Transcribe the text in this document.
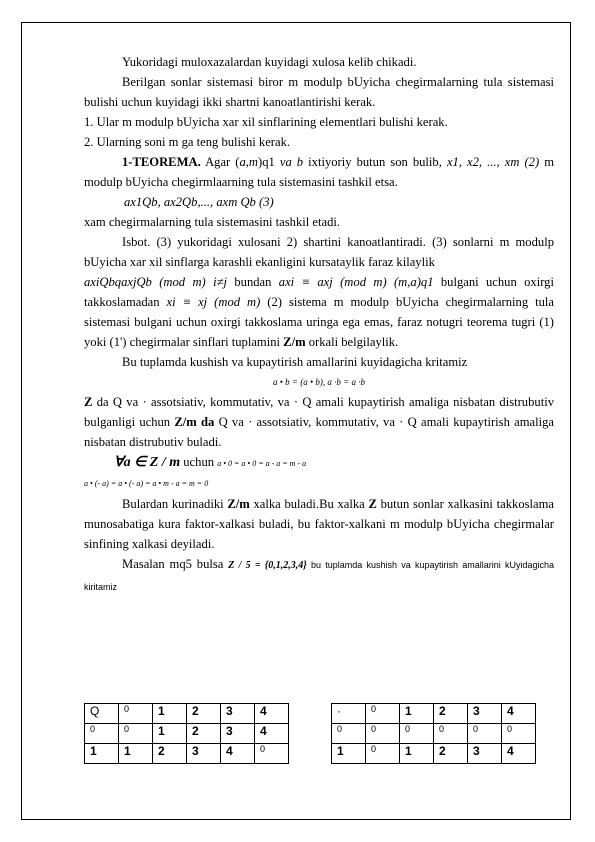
Yukoridagi muloxazalardan kuyidagi xulosa kelib chikadi.

Berilgan sonlar sistemasi biror m modulp bUyicha chegirmalarning tula sistemasi bulishi uchun kuyidagi ikki shartni kanoatlantirishi kerak.

1. Ular m modulp bUyicha xar xil sinflarining elementlari bulishi kerak.

2. Ularning soni m ga teng bulishi kerak.

1-TEOREMA. Agar (a,m)q1 va b ixtiyoriy butun son bulib, x1, x2, ..., xm (2) m modulp bUyicha chegirmlaarning tula sistemasini tashkil etsa.

ax1Qb, ax2Qb,..., axm Qb (3)

xam chegirmalarning tula sistemasini tashkil etadi.

Isbot. (3) yukoridagi xulosani 2) shartini kanoatlantiradi. (3) sonlarni m modulp bUyicha xar xil sinflarga karashli ekanligini kursataylik faraz kilaylik

axiQbqaxjQb (mod m) i≠j bundan axi ≡ axj (mod m) (m,a)q1 bulgani uchun oxirgi takkoslamadan xi ≡ xj (mod m) (2) sistema m modulp bUyicha chegirmalarning tula sistemasi bulgani uchun oxirgi takkoslama uringa ega emas, faraz notugri teorema tugri (1) yoki (1') chegirmalar sinflari tuplamini Z/m orkali belgilaylik.

Bu tuplamda kushish va kupaytirish amallarini kuyidagicha kritamiz

a • b = (a • b), a ·b = a ·b

Z da Q va · assotsiativ, kommutativ, va · Q amali kupaytirish amaliga nisbatan distrubutiv bulganligi uchun Z/m da Q va · assotsiativ, kommutativ, va · Q amali kupaytirish amaliga nisbatan distrubutiv buladi.

∀a ∈ Z / m uchun a • 0 = a • 0 = a - a = m - a

a • (- a) = a • (- a) = a • m - a = m = 0

Bulardan kurinadiki Z/m xalka buladi.Bu xalka Z butun sonlar xalkasini takkoslama munosabatiga kura faktor-xalkasi buladi, bu faktor-xalkani m modulp bUyicha chegirmalar sinfining xalkasi deyiladi.

Masalan mq5 bulsa Z / 5 = {0,1,2,3,4} bu tuplamda kushish va kupaytirish amallarini kUyidagicha kiritamiz

Q	0	1	2	3	4
0	0	1	2	3	4
1	1	2	3	4	0
·	0	1	2	3	4
0	0	0	0	0	0
1	0	1	2	3	4
